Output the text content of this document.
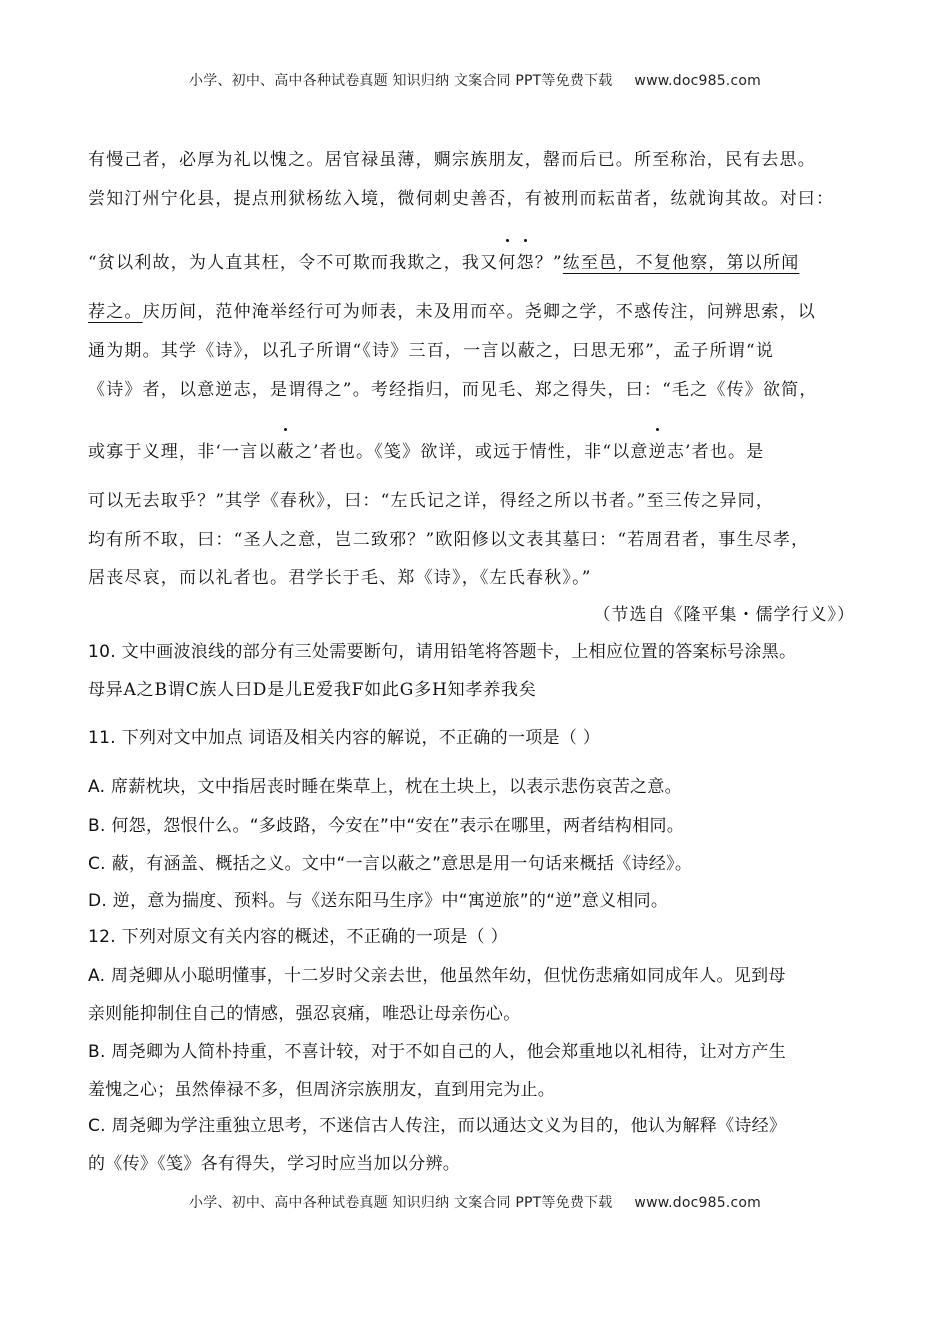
小学、初中、高中各种试卷真题 知识归纳 文案合同 PPT等免费下载 www.doc985.com
有慢己者，必厚为礼以愧之。居官禄虽薄，赒宗族朋友，罄而后已。所至称治，民有去思。
尝知汀州宁化县，提点刑狱杨纮入境，微伺刺史善否，有被刑而耘苗者，纮就询其故。对曰：
“贫以利故，为人直其枉，令不可欺而我欺之，我又何怨？”纮至邑，不复他察，第以所闻
荐之。庆历间，范仲淹举经行可为师表，未及用而卒。尧卿之学，不惑传注，问辨思索，以
通为期。其学《诗》，以孔子所谓“《诗》三百，一言以蔽之，曰思无邪”，孟子所谓“说
《诗》者，以意逆志，是谓得之”。考经指归，而见毛、郑之得失，曰：“毛之《传》欲简，
或寡于义理，非‘一言以蔽之’者也。《笺》欲详，或远于情性，非“以意逆志’者也。是
可以无去取乎？”其学《春秋》，曰：“左氏记之详，得经之所以书者。”至三传之异同，
均有所不取，曰：“圣人之意，岂二致邪？”欧阳修以文表其墓曰：“若周君者，事生尽孝，
居丧尽哀，而以礼者也。君学长于毛、郑《诗》，《左氏春秋》。”
（节选自《隆平集・儒学行义》）
10. 文中画波浪线的部分有三处需要断句，请用铅笔将答题卡，上相应位置的答案标号涂黑。
母异A之B谓C族人曰D是儿E爱我F如此G多H知孝养我矣
11. 下列对文中加点 词语及相关内容的解说，不正确的一项是（ ）
A. 席薪枕块，文中指居丧时睡在柴草上，枕在土块上，以表示悲伤哀苦之意。
B. 何怨，怨恨什么。“多歧路，今安在”中“安在”表示在哪里，两者结构相同。
C. 蔽，有涵盖、概括之义。文中“一言以蔽之”意思是用一句话来概括《诗经》。
D. 逆，意为揣度、预料。与《送东阳马生序》中“寓逆旅”的“逆”意义相同。
12. 下列对原文有关内容的概述，不正确的一项是（ ）
A. 周尧卿从小聪明懂事，十二岁时父亲去世，他虽然年幼，但忧伤悲痛如同成年人。见到母
亲则能抑制住自己的情感，强忍哀痛，唯恐让母亲伤心。
B. 周尧卿为人简朴持重，不喜计较，对于不如自己的人，他会郑重地以礼相待，让对方产生
羞愧之心；虽然俸禄不多，但周济宗族朋友，直到用完为止。
C. 周尧卿为学注重独立思考，不迷信古人传注，而以通达文义为目的，他认为解释《诗经》
的《传》《笺》各有得失，学习时应当加以分辨。
小学、初中、高中各种试卷真题 知识归纳 文案合同 PPT等免费下载 www.doc985.com
